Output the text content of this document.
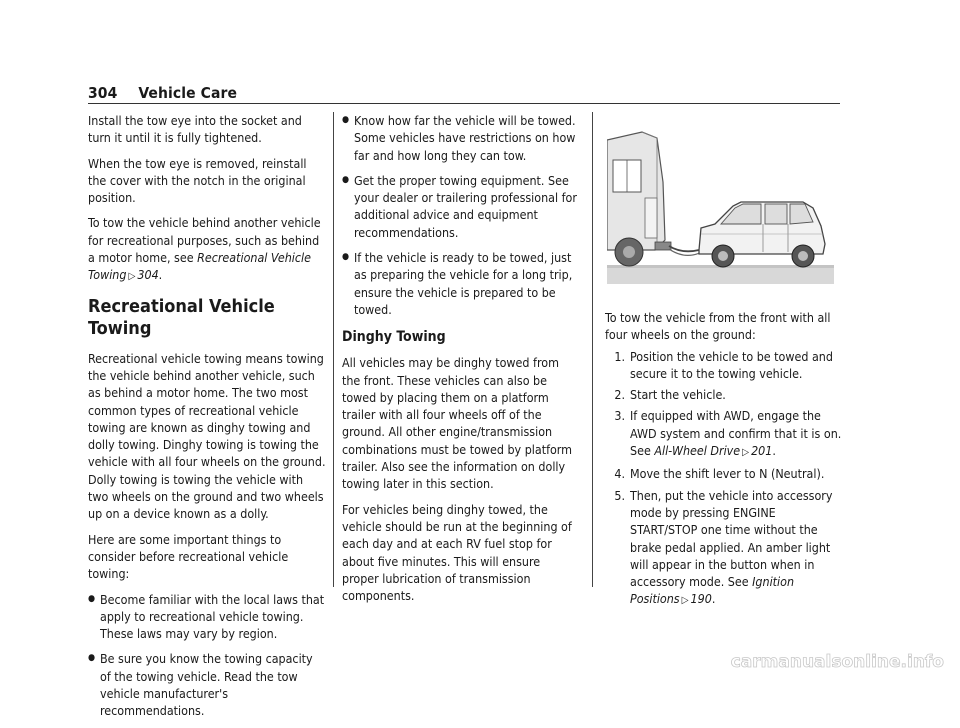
304 Vehicle Care

Install the tow eye into the socket and turn it until it is fully tightened.

When the tow eye is removed, reinstall the cover with the notch in the original position.

To tow the vehicle behind another vehicle for recreational purposes, such as behind a motor home, see Recreational Vehicle Towing ▷ 304.

Recreational Vehicle Towing

Recreational vehicle towing means towing the vehicle behind another vehicle, such as behind a motor home. The two most common types of recreational vehicle towing are known as dinghy towing and dolly towing. Dinghy towing is towing the vehicle with all four wheels on the ground. Dolly towing is towing the vehicle with two wheels on the ground and two wheels up on a device known as a dolly.

Here are some important things to consider before recreational vehicle towing:

● Become familiar with the local laws that apply to recreational vehicle towing. These laws may vary by region.
● Be sure you know the towing capacity of the towing vehicle. Read the tow vehicle manufacturer's recommendations.
● Know how far the vehicle will be towed. Some vehicles have restrictions on how far and how long they can tow.
● Get the proper towing equipment. See your dealer or trailering professional for additional advice and equipment recommendations.
● If the vehicle is ready to be towed, just as preparing the vehicle for a long trip, ensure the vehicle is prepared to be towed.
Dinghy Towing

All vehicles may be dinghy towed from the front. These vehicles can also be towed by placing them on a platform trailer with all four wheels off of the ground. All other engine/transmission combinations must be towed by platform trailer. Also see the information on dolly towing later in this section.

For vehicles being dinghy towed, the vehicle should be run at the beginning of each day and at each RV fuel stop for about five minutes. This will ensure proper lubrication of transmission components.

To tow the vehicle from the front with all four wheels on the ground:

1. Position the vehicle to be towed and secure it to the towing vehicle.
2. Start the vehicle.
3. If equipped with AWD, engage the AWD system and confirm that it is on. See All-Wheel Drive ▷ 201.
4. Move the shift lever to N (Neutral).
5. Then, put the vehicle into accessory mode by pressing ENGINE START/STOP one time without the brake pedal applied. An amber light will appear in the button when in accessory mode. See Ignition Positions ▷ 190.
carmanualsonline.info
